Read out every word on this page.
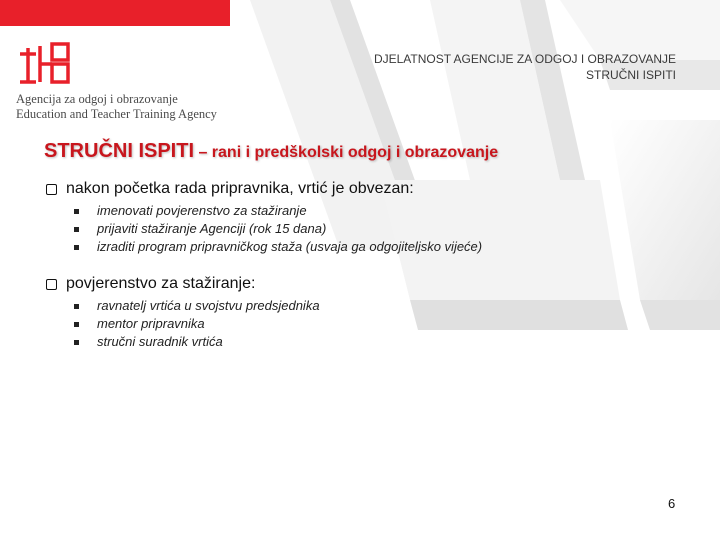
Agencija za odgoj i obrazovanje
Education and Teacher Training Agency
DJELATNOST AGENCIJE ZA ODGOJ I OBRAZOVANJE
STRUČNI ISPITI
STRUČNI ISPITI – rani i predškolski odgoj i obrazovanje
nakon početka rada pripravnika, vrtić je obvezan:
imenovati povjerenstvo za stažiranje
prijaviti stažiranje Agenciji (rok 15 dana)
izraditi program pripravničkog staža (usvaja ga odgojiteljsko vijeće)
povjerenstvo za stažiranje:
ravnatelj vrtića u svojstvu predsjednika
mentor pripravnika
stručni suradnik vrtića
6
